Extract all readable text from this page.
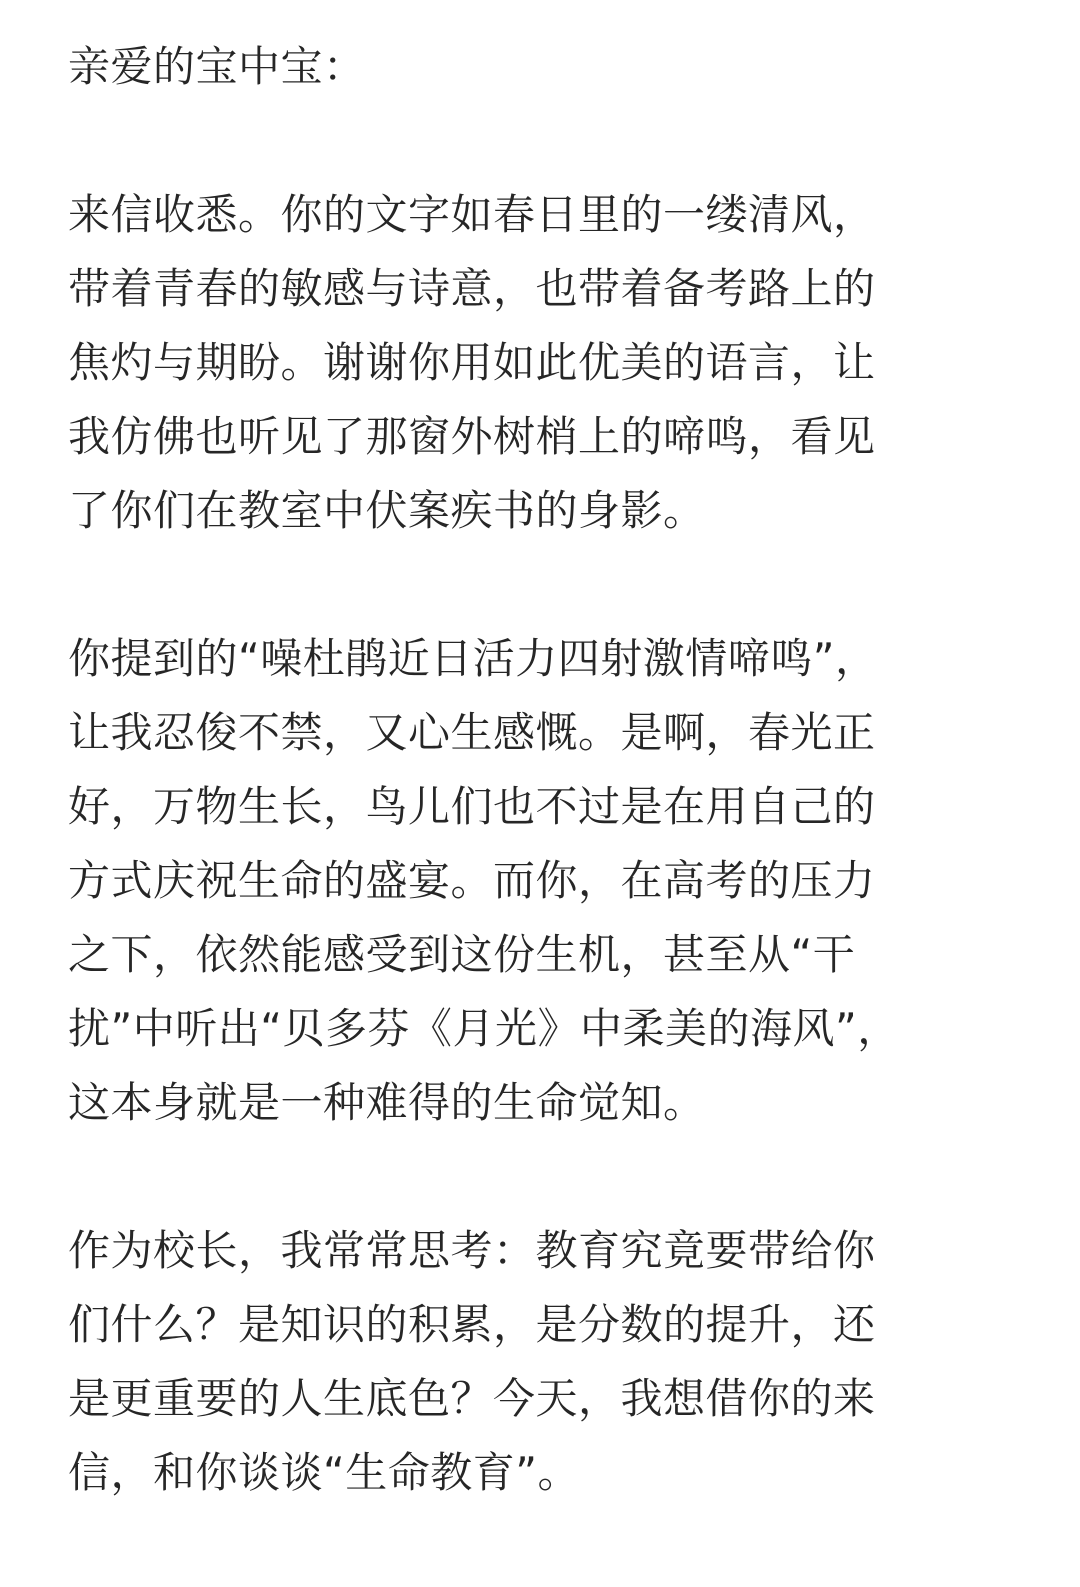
亲爱的宝中宝：
来信收悉。你的文字如春日里的一缕清风，
带着青春的敏感与诗意，也带着备考路上的
焦灼与期盼。谢谢你用如此优美的语言，让
我仿佛也听见了那窗外树梢上的啼鸣，看见
了你们在教室中伏案疾书的身影。
你提到的“噪杜鹃近日活力四射激情啼鸣”，
让我忍俊不禁，又心生感慨。是啊，春光正
好，万物生长，鸟儿们也不过是在用自己的
方式庆祝生命的盛宴。而你，在高考的压力
之下，依然能感受到这份生机，甚至从“干
扰”中听出“贝多芬《月光》中柔美的海风”，
这本身就是一种难得的生命觉知。
作为校长，我常常思考：教育究竟要带给你
们什么？是知识的积累，是分数的提升，还
是更重要的人生底色？今天，我想借你的来
信，和你谈谈“生命教育”。
